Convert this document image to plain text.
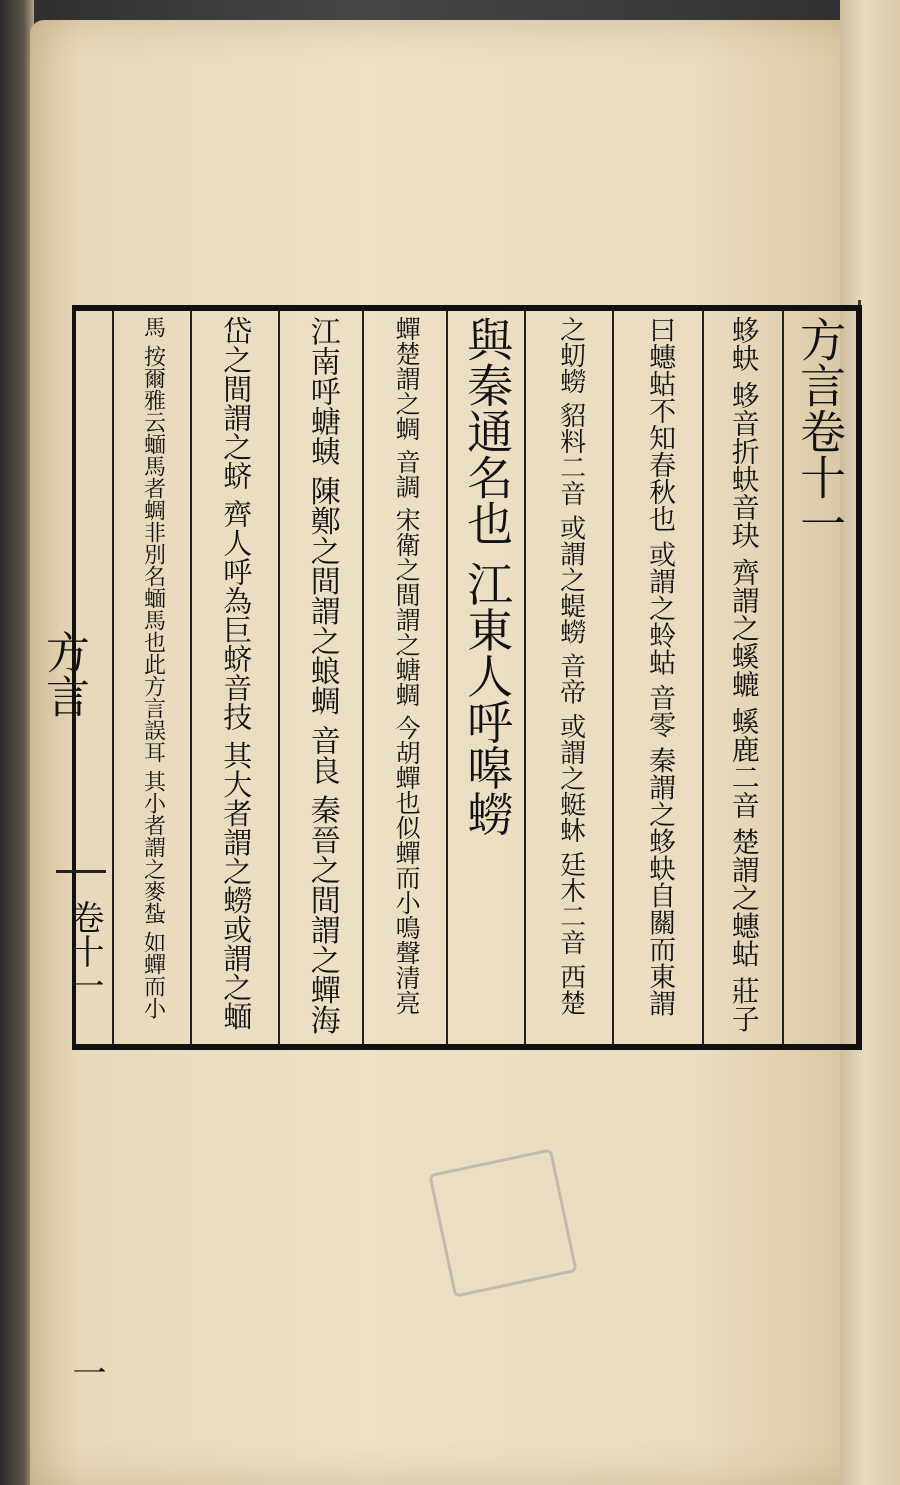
方言
卷十一
一
方言卷十一
蛥蚗 蛥音折蚗音玦 齊謂之螇螰 螇鹿二音 楚謂之蟪蛄 莊子
曰蟪蛄不知春秋也 或謂之蛉蛄 音零 秦謂之蛥蚗自關而東謂
之虭蟧 貂料二音 或謂之蝭蟧 音帝 或謂之蜓蚞 廷木二音 西楚
與秦通名也 江東人呼嗥蟧
蟬楚謂之蜩 音調 宋衛之間謂之螗蜩 今胡蟬也似蟬而小鳴聲清亮
江南呼螗蛦 陳鄭之間謂之蜋蜩 音良 秦晉之間謂之蟬海
岱之間謂之蛴 齊人呼為巨蛴音技 其大者謂之蟧或謂之蝒
馬 按爾雅云蝒馬者蜩非別名蝒馬也此方言誤耳 其小者謂之麥蚻 如蟬而小
